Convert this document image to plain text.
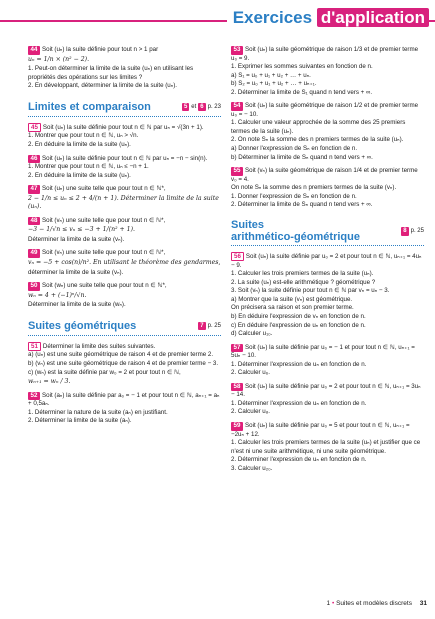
Exercices d'application
44 Soit (uₙ) la suite définie pour tout n > 1 par
uₙ = 1/n × (n² − 2).
1. Peut-on déterminer la limite de la suite (uₙ) en utilisant les propriétés des opérations sur les limites ?
2. En développant, déterminer la limite de la suite (uₙ).
Limites et comparaison	5 et 6 p. 23
45 Soit (uₙ) la suite définie pour tout n ∈ ℕ par uₙ = √(3n + 1).
1. Montrer que pour tout n ∈ ℕ, uₙ > √n.
2. En déduire la limite de la suite (uₙ).
46 Soit (uₙ) la suite définie pour tout n ∈ ℕ par uₙ = −n − sin(n).
1. Montrer que pour tout n ∈ ℕ, uₙ ≤ −n + 1.
2. En déduire la limite de la suite (uₙ).
47 Soit (uₙ) une suite telle que pour tout n ∈ ℕ*,
2 − 1/n ≤ uₙ ≤ 2 + 4/(n + 1). Déterminer la limite de la suite (uₙ).
48 Soit (vₙ) une suite telle que pour tout n ∈ ℕ*,
−3 − 1/√n ≤ vₙ ≤ −3 + 1/(n² + 1).
Déterminer la limite de la suite (vₙ).
49 Soit (vₙ) une suite telle que pour tout n ∈ ℕ*,
vₙ = −5 + cos(n)/n². En utilisant le théorème des gendarmes,
déterminer la limite de la suite (vₙ).
50 Soit (wₙ) une suite telle que pour tout n ∈ ℕ*,
wₙ = 4 + (−1)ⁿ/√n.
Déterminer la limite de la suite (wₙ).
Suites géométriques	7 p. 25
51 Déterminer la limite des suites suivantes.
a) (uₙ) est une suite géométrique de raison 4 et de premier terme 2.
b) (vₙ) est une suite géométrique de raison 4 et de premier terme − 3.
c) (wₙ) est la suite définie par w₀ = 2 et pour tout n ∈ ℕ,
wₙ₊₁ = wₙ / 3.
52 Soit (aₙ) la suite définie par a₀ = − 1 et pour tout n ∈ ℕ, aₙ₊₁ = aₙ + 0,5aₙ.
1. Déterminer la nature de la suite (aₙ) en justifiant.
2. Déterminer la limite de la suite (aₙ).
53 Soit (uₙ) la suite géométrique de raison 1/3 et de premier terme u₀ = 9.
1. Exprimer les sommes suivantes en fonction de n.
a) S₁ = u₀ + u₁ + u₂ + … + uₙ.
b) S₂ = u₀ + u₁ + u₂ + … + uₙ₊₁.
2. Déterminer la limite de S₁ quand n tend vers + ∞.
54 Soit (uₙ) la suite géométrique de raison 1/2 et de premier terme u₀ = − 10.
1. Calculer une valeur approchée de la somme des 25 premiers termes de la suite (uₙ).
2. On note Sₙ la somme des n premiers termes de la suite (uₙ).
a) Donner l'expression de Sₙ en fonction de n.
b) Déterminer la limite de Sₙ quand n tend vers + ∞.
55 Soit (vₙ) la suite géométrique de raison 1/4 et de premier terme v₀ = 4.
On note Sₙ la somme des n premiers termes de la suite (vₙ).
1. Donner l'expression de Sₙ en fonction de n.
2. Déterminer la limite de Sₙ quand n tend vers + ∞.
Suites
arithmético-géométrique
8 p. 25
56 Soit (uₙ) la suite définie par u₀ = 2 et pour tout n ∈ ℕ, uₙ₊₁ = 4uₙ − 9.
1. Calculer les trois premiers termes de la suite (uₙ).
2. La suite (uₙ) est-elle arithmétique ? géométrique ?
3. Soit (vₙ) la suite définie pour tout n ∈ ℕ par vₙ = uₙ − 3.
a) Montrer que la suite (vₙ) est géométrique.
On précisera sa raison et son premier terme.
b) En déduire l'expression de vₙ en fonction de n.
c) En déduire l'expression de uₙ en fonction de n.
d) Calculer u₁₀.
57 Soit (uₙ) la suite définie par u₀ = − 1 et pour tout n ∈ ℕ, uₙ₊₁ = 5uₙ − 10.
1. Déterminer l'expression de uₙ en fonction de n.
2. Calculer u₆.
58 Soit (uₙ) la suite définie par u₀ = 2 et pour tout n ∈ ℕ, uₙ₊₁ = 3uₙ − 14.
1. Déterminer l'expression de uₙ en fonction de n.
2. Calculer u₈.
59 Soit (uₙ) la suite définie par u₀ = 5 et pour tout n ∈ ℕ, uₙ₊₁ = −2uₙ + 12.
1. Calculer les trois premiers termes de la suite (uₙ) et justifier que ce n'est ni une suite arithmétique, ni une suite géométrique.
2. Déterminer l'expression de uₙ en fonction de n.
3. Calculer u₂₀.
1 • Suites et modèles discrets 31
